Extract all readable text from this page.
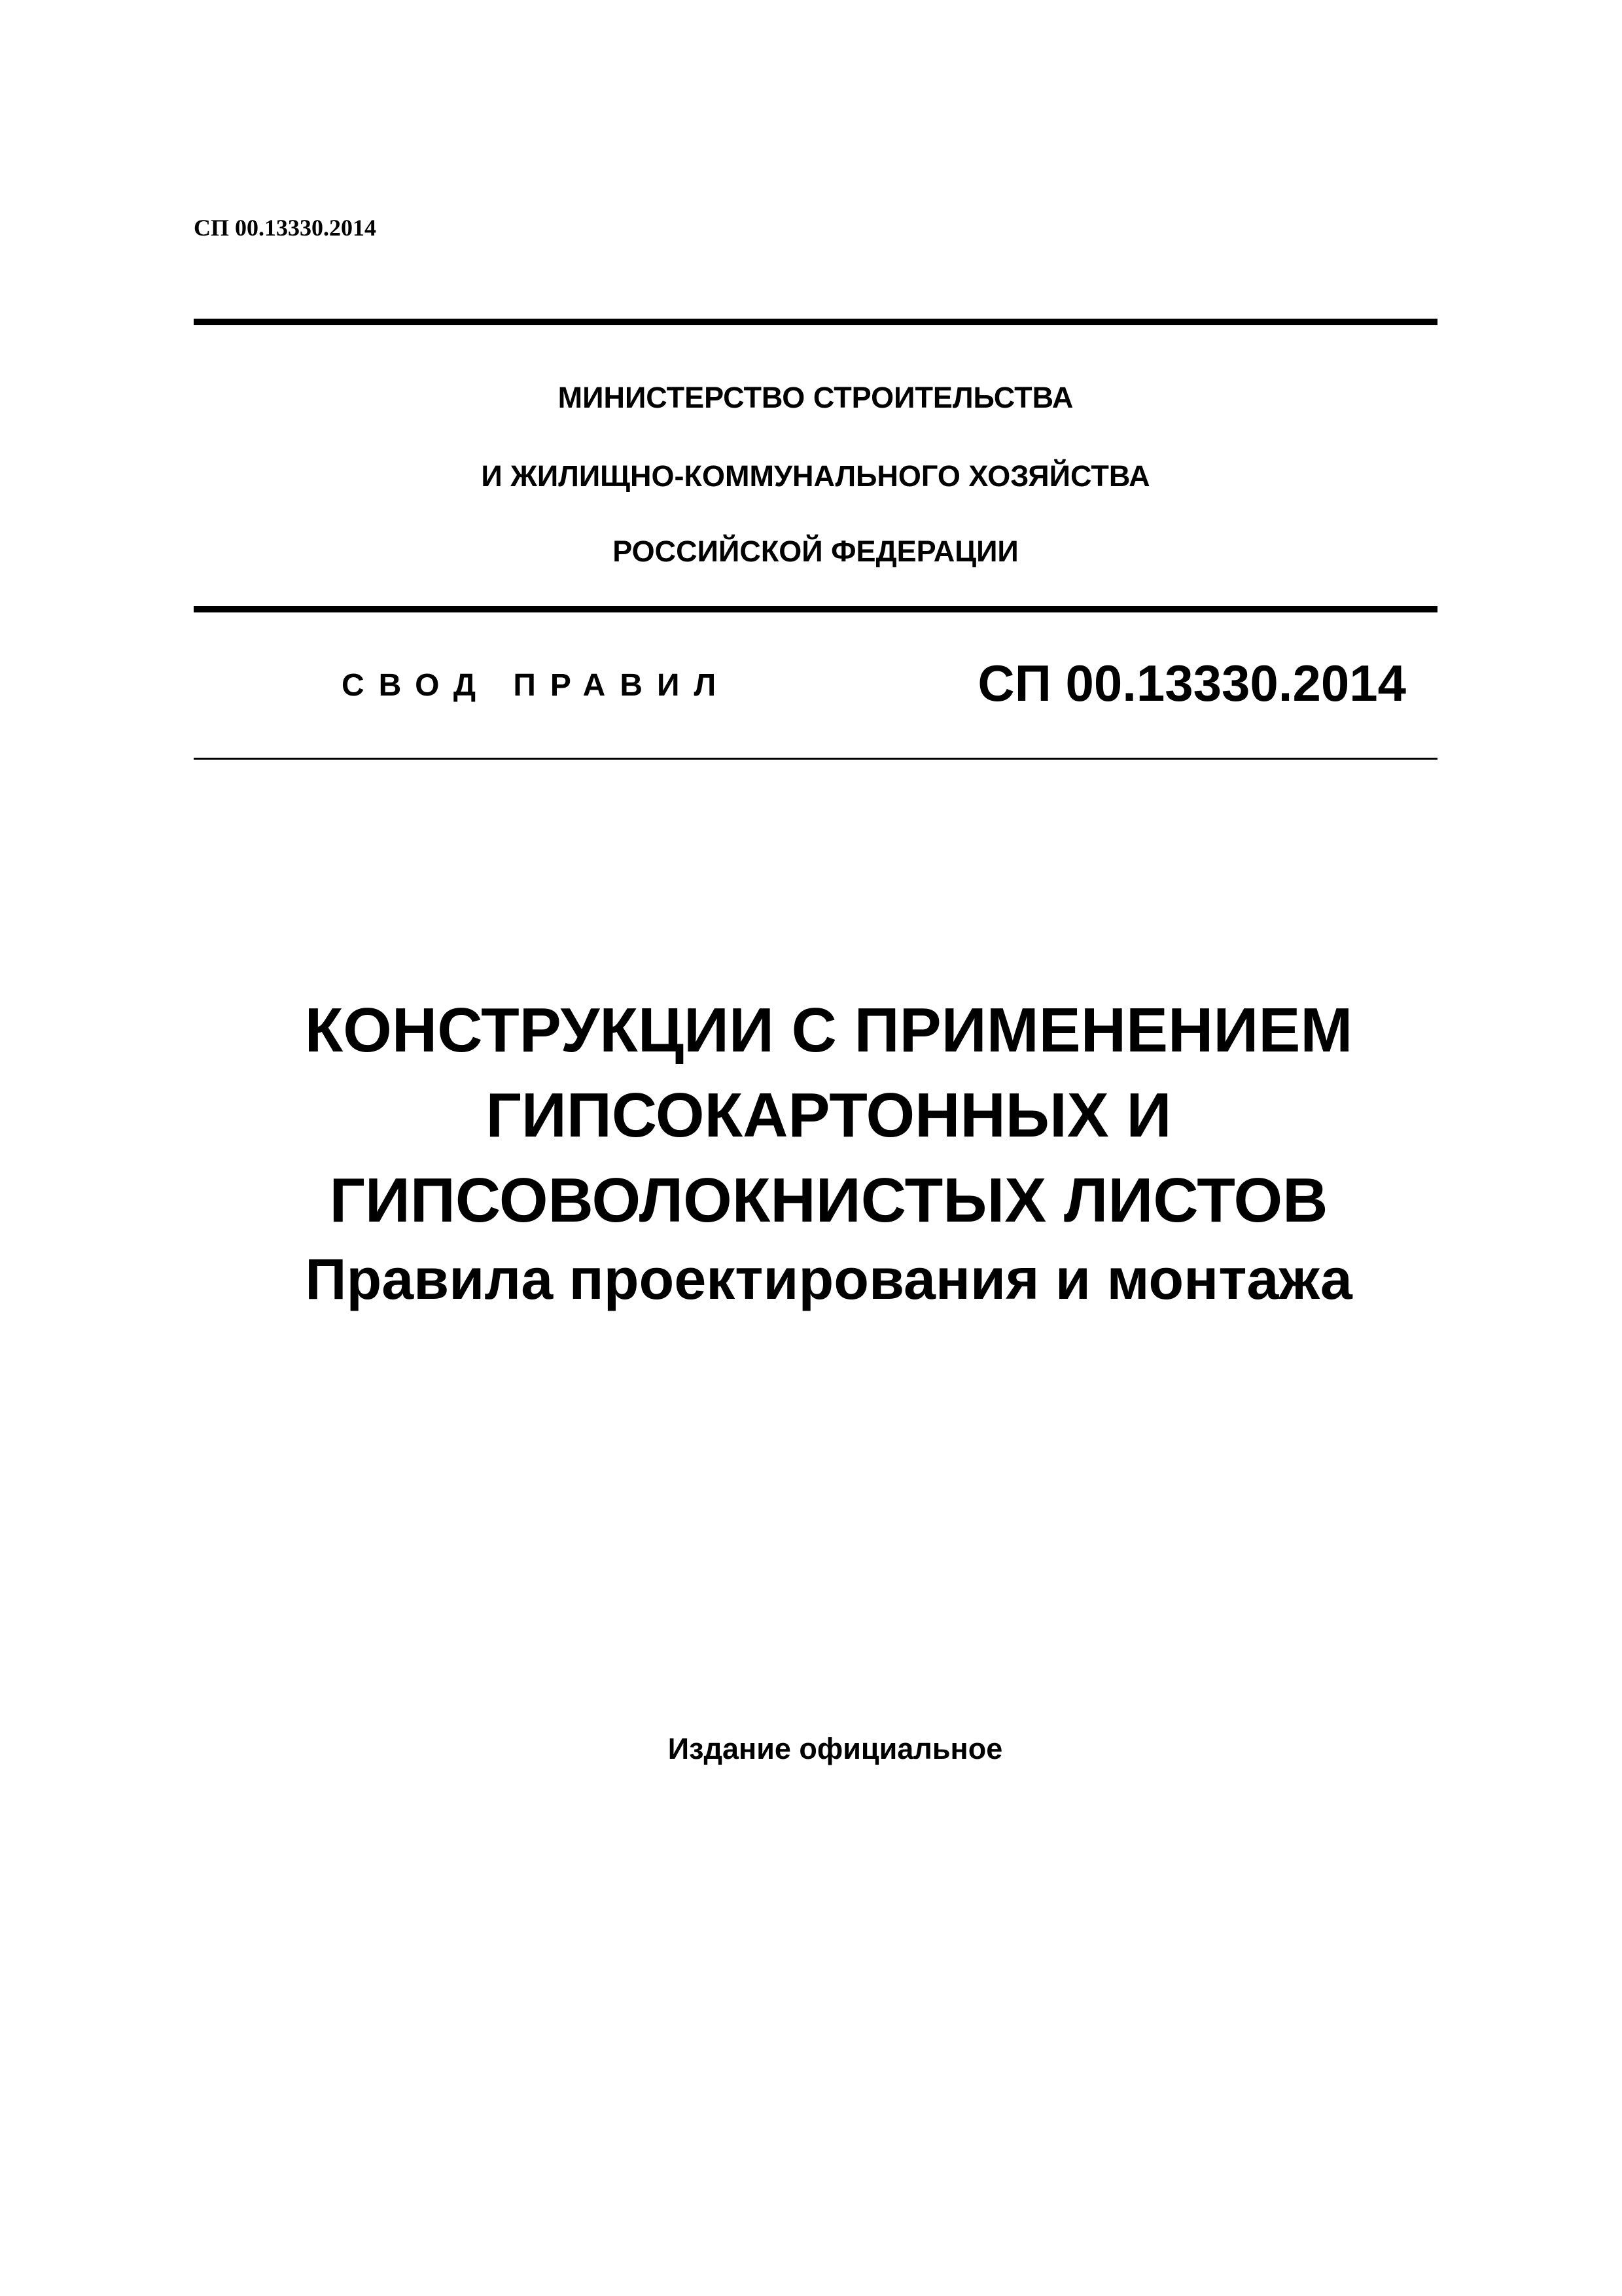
СП 00.13330.2014
МИНИСТЕРСТВО СТРОИТЕЛЬСТВА
И ЖИЛИЩНО-КОММУНАЛЬНОГО ХОЗЯЙСТВА
РОССИЙСКОЙ ФЕДЕРАЦИИ
СВОД ПРАВИЛ	СП 00.13330.2014
КОНСТРУКЦИИ С ПРИМЕНЕНИЕМ
ГИПСОКАРТОННЫХ И
ГИПСОВОЛОКНИСТЫХ ЛИСТОВ
Правила проектирования и монтажа
Издание официальное
